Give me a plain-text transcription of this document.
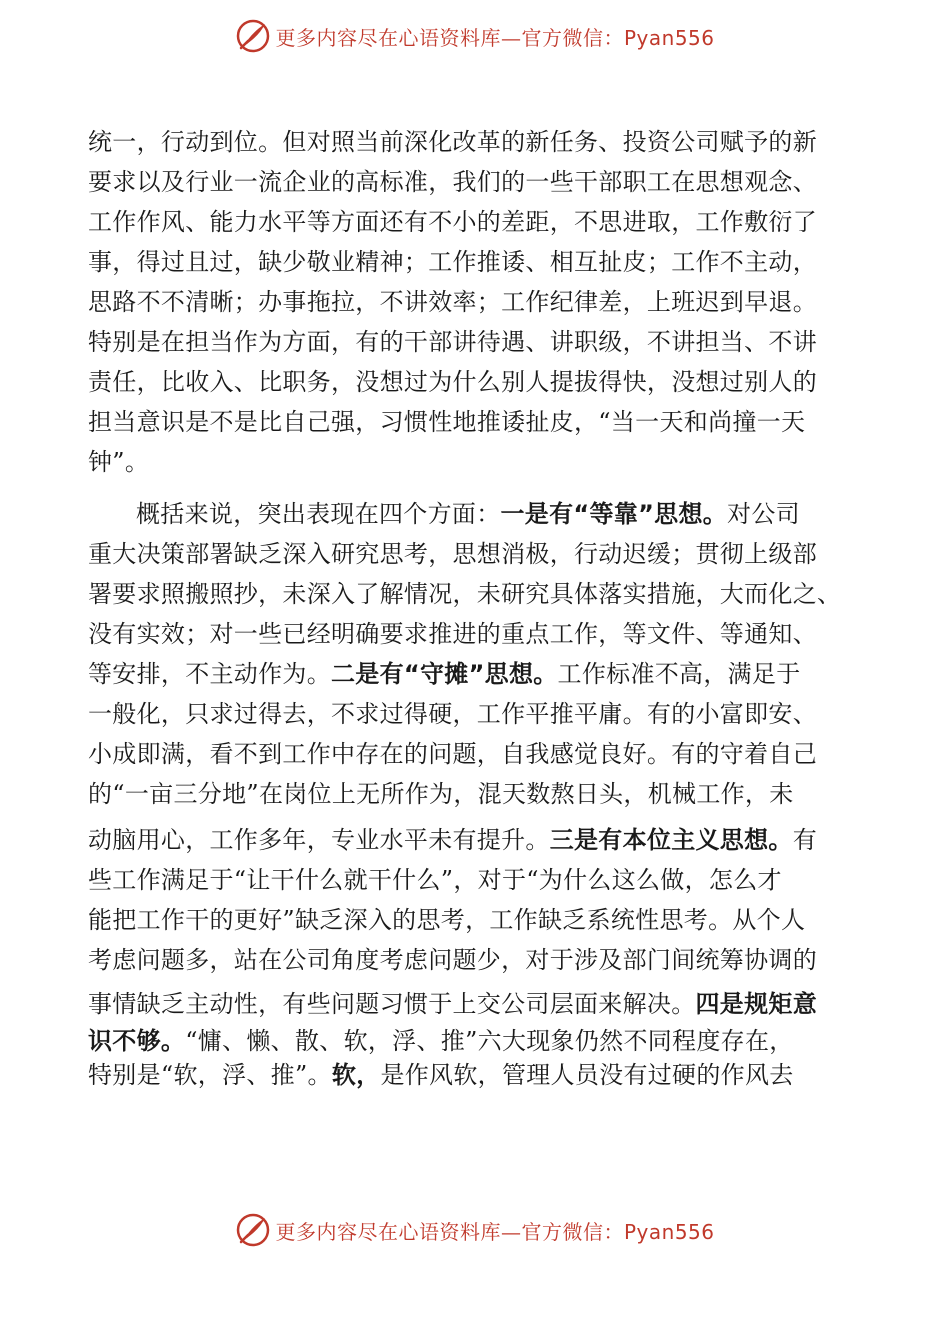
更多内容尽在心语资料库—官方微信：Pyan556
统一，行动到位。但对照当前深化改革的新任务、投资公司赋予的新
要求以及行业一流企业的高标准，我们的一些干部职工在思想观念、
工作作风、能力水平等方面还有不小的差距，不思进取，工作敷衍了
事，得过且过，缺少敬业精神；工作推诿、相互扯皮；工作不主动，
思路不不清晰；办事拖拉，不讲效率；工作纪律差，上班迟到早退。
特别是在担当作为方面，有的干部讲待遇、讲职级，不讲担当、不讲
责任，比收入、比职务，没想过为什么别人提拔得快，没想过别人的
担当意识是不是比自己强，习惯性地推诿扯皮，“当一天和尚撞一天
钟”。
概括来说，突出表现在四个方面：一是有“等靠”思想。对公司
重大决策部署缺乏深入研究思考，思想消极，行动迟缓；贯彻上级部
署要求照搬照抄，未深入了解情况，未研究具体落实措施，大而化之、
没有实效；对一些已经明确要求推进的重点工作，等文件、等通知、
等安排，不主动作为。二是有“守摊”思想。工作标准不高，满足于
一般化，只求过得去，不求过得硬，工作平推平庸。有的小富即安、
小成即满，看不到工作中存在的问题，自我感觉良好。有的守着自己
的“一亩三分地”在岗位上无所作为，混天数熬日头，机械工作，未
动脑用心，工作多年，专业水平未有提升。三是有本位主义思想。有
些工作满足于“让干什么就干什么”，对于“为什么这么做，怎么才
能把工作干的更好”缺乏深入的思考，工作缺乏系统性思考。从个人
考虑问题多，站在公司角度考虑问题少，对于涉及部门间统筹协调的
事情缺乏主动性，有些问题习惯于上交公司层面来解决。四是规矩意
识不够。“慵、懒、散、软，浮、推”六大现象仍然不同程度存在，
特别是“软，浮、推”。软，是作风软，管理人员没有过硬的作风去
更多内容尽在心语资料库—官方微信：Pyan556
